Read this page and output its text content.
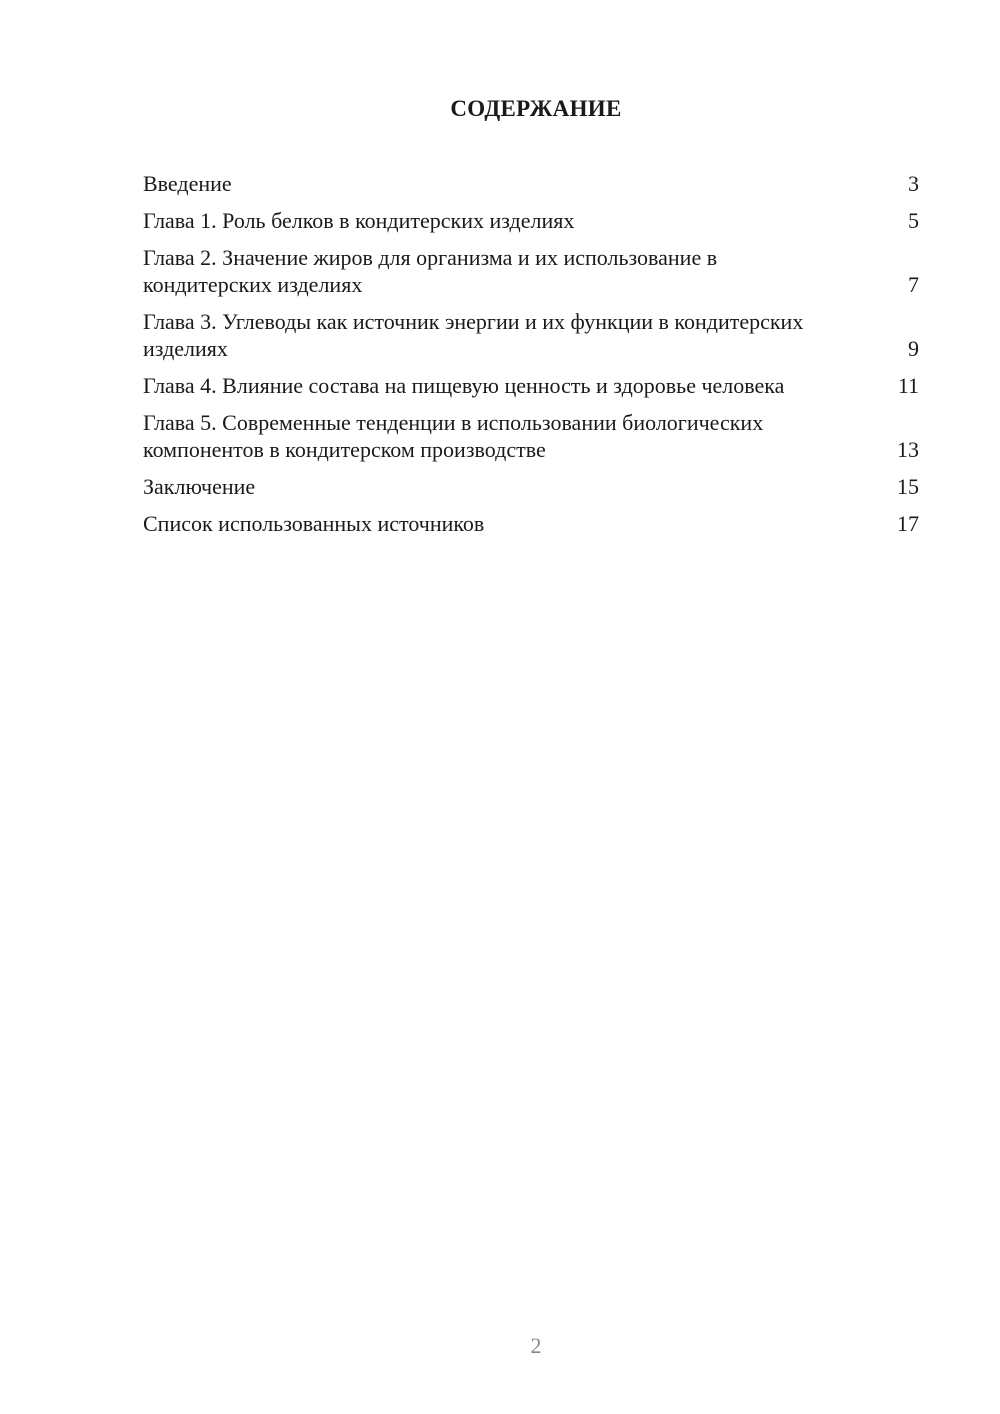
СОДЕРЖАНИЕ
Введение	3
Глава 1. Роль белков в кондитерских изделиях	5
Глава 2. Значение жиров для организма и их использование в кондитерских изделиях	7
Глава 3. Углеводы как источник энергии и их функции в кондитерских изделиях	9
Глава 4. Влияние состава на пищевую ценность и здоровье человека	11
Глава 5. Современные тенденции в использовании биологических компонентов в кондитерском производстве	13
Заключение	15
Список использованных источников	17
2
